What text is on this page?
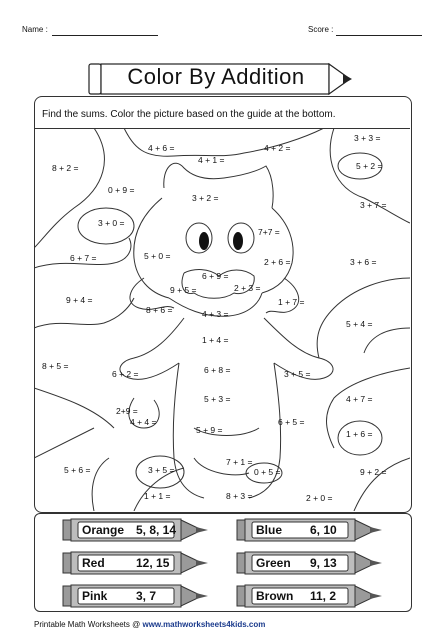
Name :	Score :
Color By Addition
Find the sums. Color the picture based on the guide at the bottom.
4 + 6 =	4 + 2 =
3 + 3 =
4 + 1 =
8 + 2 =	5 + 2 =
0 + 9 =
3 + 2 =
3 + 7 =
3 + 0 =
7+7 =
6 + 7 =	5 + 0 =
2 + 6 =	3 + 6 =
6 + 9 =
9 + 5 =	2 + 3 =
9 + 4 =	1 + 7 =
8 + 6 =	4 + 3 =
5 + 4 =
1 + 4 =
8 + 5 =
6 + 2 =	6 + 8 =	3 + 5 =
5 + 3 =	4 + 7 =
2+9 =
4 + 4 =	6 + 5 =
5 + 9 =	1 + 6 =
7 + 1 =
5 + 6 =	3 + 5 =	0 + 5 =	9 + 2 =
1 + 1 =	8 + 3 =	2 + 0 =
Orange 5, 8, 14	Blue 6, 10
Red	12, 15	Green 9, 13
Pink 3, 7	Brown 11, 2
Printable Math Worksheets @ www.mathworksheets4kids.com
